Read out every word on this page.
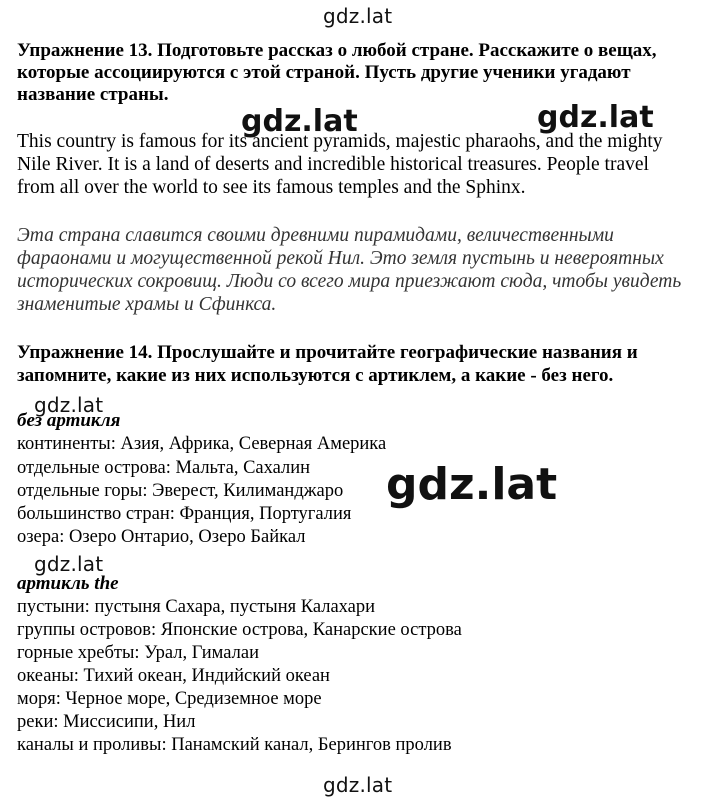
gdz.lat
gdz.lat	gdz.lat
Упражнение 13. Подготовьте рассказ о любой стране. Расскажите о вещах,
которые ассоциируются с этой страной. Пусть другие ученики угадают
название страны.
This country is famous for its ancient pyramids, majestic pharaohs, and the mighty
Nile River. It is a land of deserts and incredible historical treasures. People travel
from all over the world to see its famous temples and the Sphinx.
Эта страна славится своими древними пирамидами, величественными
фараонами и могущественной рекой Нил. Это земля пустынь и невероятных
исторических сокровищ. Люди со всего мира приезжают сюда, чтобы увидеть
знаменитые храмы и Сфинкса.
Упражнение 14. Прослушайте и прочитайте географические названия и
запомните, какие из них используются с артиклем, а какие - без него.
gdz.lat
без артикля
континенты: Азия, Африка, Северная Америка
отдельные острова: Мальта, Сахалин
отдельные горы: Эверест, Килиманджаро
большинство стран: Франция, Португалия
озера: Озеро Онтарио, Озеро Байкал
gdz.lat
gdz.lat
артикль the
пустыни: пустыня Сахара, пустыня Калахари
группы островов: Японские острова, Канарские острова
горные хребты: Урал, Гималаи
океаны: Тихий океан, Индийский океан
моря: Черное море, Средиземное море
реки: Миссисипи, Нил
каналы и проливы: Панамский канал, Берингов пролив
gdz.lat
